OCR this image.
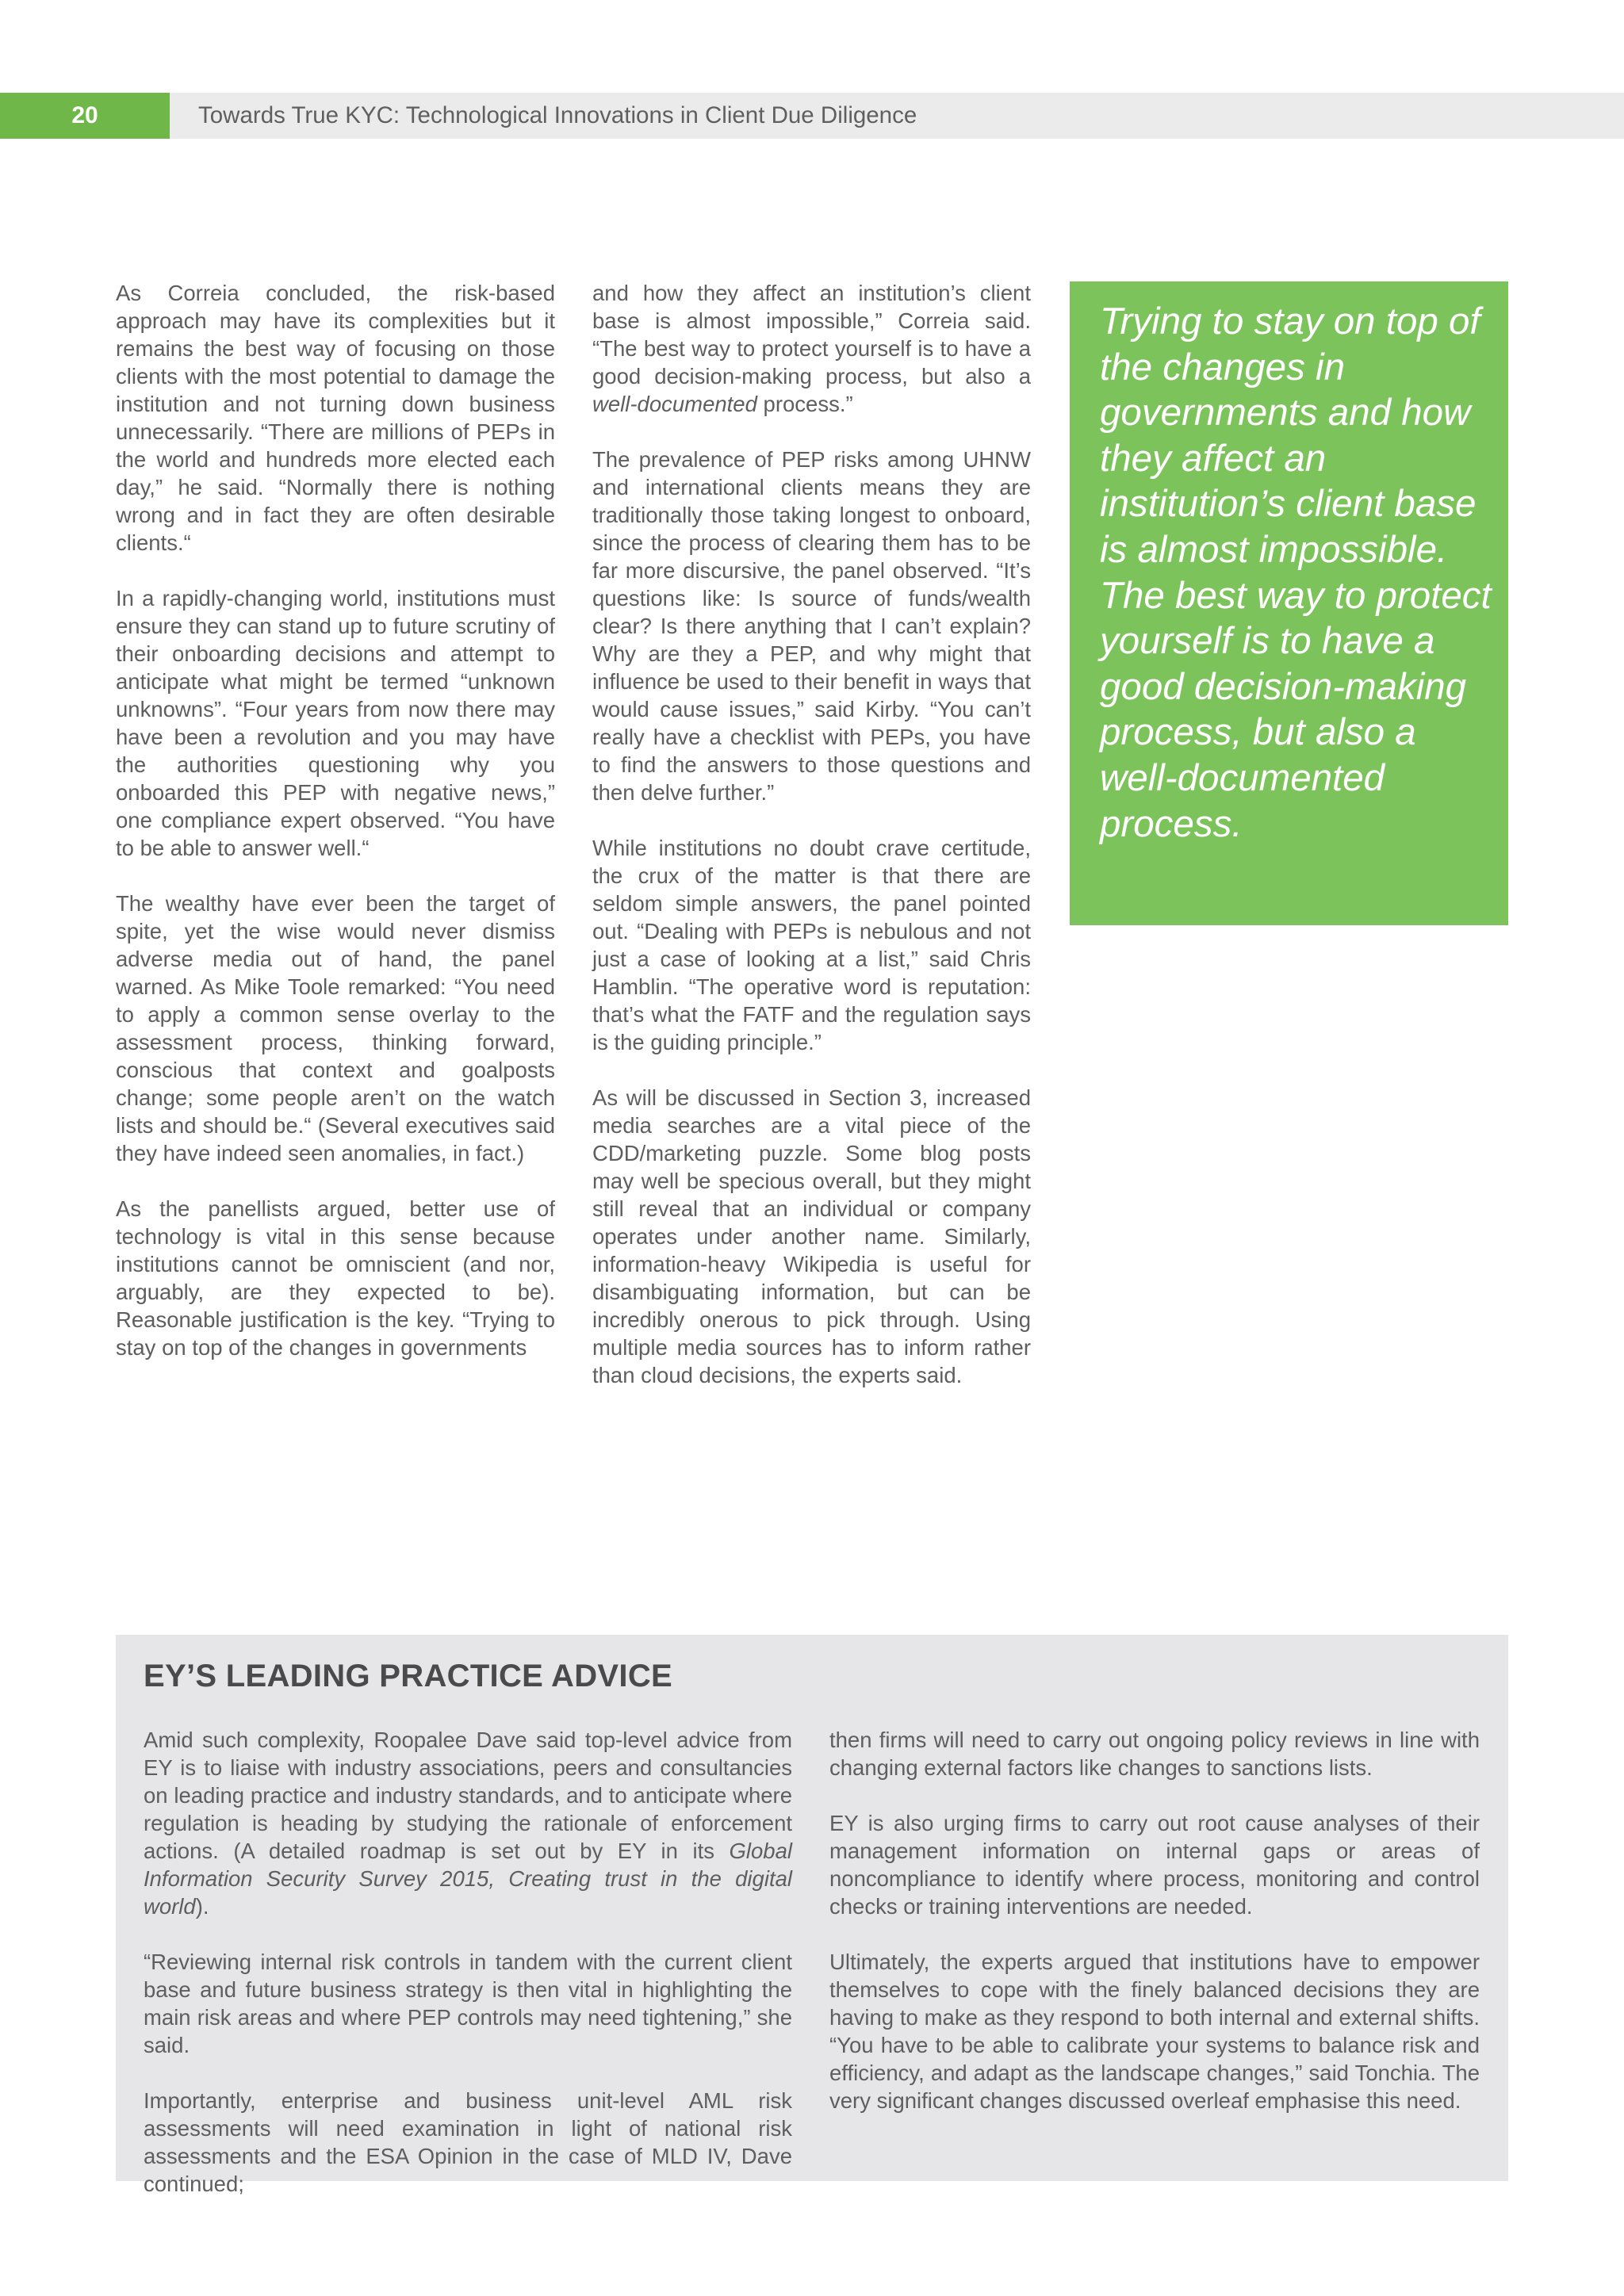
20	Towards True KYC: Technological Innovations in Client Due Diligence

As Correia concluded, the risk-based approach may have its complexities but it remains the best way of focusing on those clients with the most potential to damage the institution and not turning down business unnecessarily. “There are millions of PEPs in the world and hundreds more elected each day,” he said. “Normally there is nothing wrong and in fact they are often desirable clients.“

In a rapidly-changing world, institutions must ensure they can stand up to future scrutiny of their onboarding decisions and attempt to anticipate what might be termed “unknown unknowns”. “Four years from now there may have been a revolution and you may have the authorities questioning why you onboarded this PEP with negative news,” one compliance expert observed. “You have to be able to answer well.“

The wealthy have ever been the target of spite, yet the wise would never dismiss adverse media out of hand, the panel warned. As Mike Toole remarked: “You need to apply a common sense overlay to the assessment process, thinking forward, conscious that context and goalposts change; some people aren’t on the watch lists and should be.“ (Several executives said they have indeed seen anomalies, in fact.)

As the panellists argued, better use of technology is vital in this sense because institutions cannot be omniscient (and nor, arguably, are they expected to be). Reasonable justification is the key. “Trying to stay on top of the changes in governments

and how they affect an institution’s client base is almost impossible,” Correia said. “The best way to protect yourself is to have a good decision-making process, but also a well-documented process.”

The prevalence of PEP risks among UHNW and international clients means they are traditionally those taking longest to onboard, since the process of clearing them has to be far more discursive, the panel observed. “It’s questions like: Is source of funds/wealth clear? Is there anything that I can’t explain? Why are they a PEP, and why might that influence be used to their benefit in ways that would cause issues,” said Kirby. “You can’t really have a checklist with PEPs, you have to find the answers to those questions and then delve further.”

While institutions no doubt crave certitude, the crux of the matter is that there are seldom simple answers, the panel pointed out. “Dealing with PEPs is nebulous and not just a case of looking at a list,” said Chris Hamblin. “The operative word is reputation: that’s what the FATF and the regulation says is the guiding principle.”

As will be discussed in Section 3, increased media searches are a vital piece of the CDD/marketing puzzle. Some blog posts may well be specious overall, but they might still reveal that an individual or company operates under another name. Similarly, information-heavy Wikipedia is useful for disambiguating information, but can be incredibly onerous to pick through. Using multiple media sources has to inform rather than cloud decisions, the experts said.

Trying to stay on top of the changes in governments and how they affect an institution’s client base is almost impossible. The best way to protect yourself is to have a good decision-making process, but also a well-documented process.

EY’S LEADING PRACTICE ADVICE

Amid such complexity, Roopalee Dave said top-level advice from EY is to liaise with industry associations, peers and consultancies on leading practice and industry standards, and to anticipate where regulation is heading by studying the rationale of enforcement actions. (A detailed roadmap is set out by EY in its Global Information Security Survey 2015, Creating trust in the digital world).

“Reviewing internal risk controls in tandem with the current client base and future business strategy is then vital in highlighting the main risk areas and where PEP controls may need tightening,” she said.

Importantly, enterprise and business unit-level AML risk assessments will need examination in light of national risk assessments and the ESA Opinion in the case of MLD IV, Dave continued;

then firms will need to carry out ongoing policy reviews in line with changing external factors like changes to sanctions lists.

EY is also urging firms to carry out root cause analyses of their management information on internal gaps or areas of noncompliance to identify where process, monitoring and control checks or training interventions are needed.

Ultimately, the experts argued that institutions have to empower themselves to cope with the finely balanced decisions they are having to make as they respond to both internal and external shifts. “You have to be able to calibrate your systems to balance risk and efficiency, and adapt as the landscape changes,” said Tonchia. The very significant changes discussed overleaf emphasise this need.
